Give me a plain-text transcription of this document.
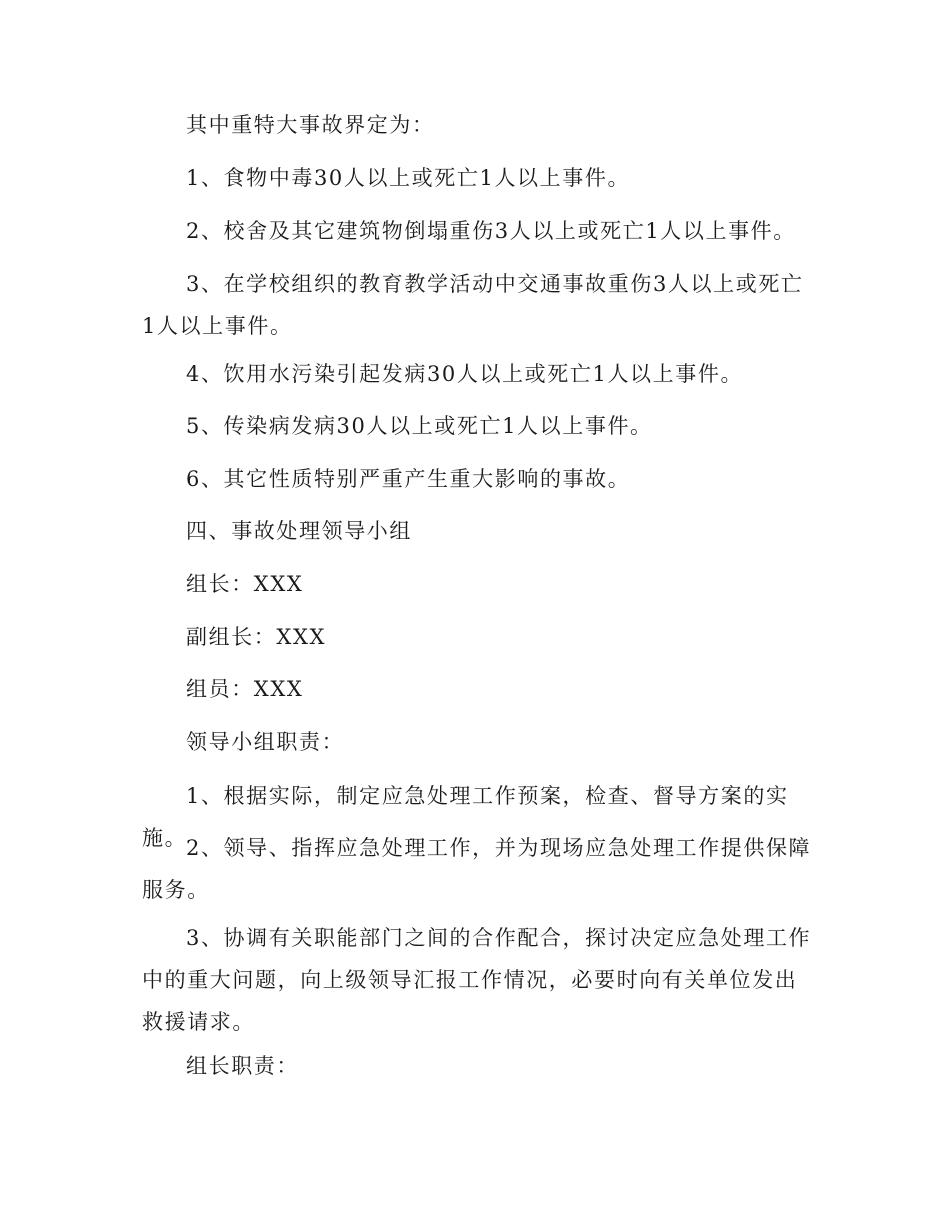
其中重特大事故界定为：

1、食物中毒30人以上或死亡1人以上事件。

2、校舍及其它建筑物倒塌重伤3人以上或死亡1人以上事件。

3、在学校组织的教育教学活动中交通事故重伤3人以上或死亡1人以上事件。

4、饮用水污染引起发病30人以上或死亡1人以上事件。

5、传染病发病30人以上或死亡1人以上事件。

6、其它性质特别严重产生重大影响的事故。

四、事故处理领导小组

组长：XXX

副组长：XXX

组员：XXX

领导小组职责：

1、根据实际，制定应急处理工作预案，检查、督导方案的实施。

2、领导、指挥应急处理工作，并为现场应急处理工作提供保障服务。

3、协调有关职能部门之间的合作配合，探讨决定应急处理工作中的重大问题，向上级领导汇报工作情况，必要时向有关单位发出救援请求。

组长职责：
